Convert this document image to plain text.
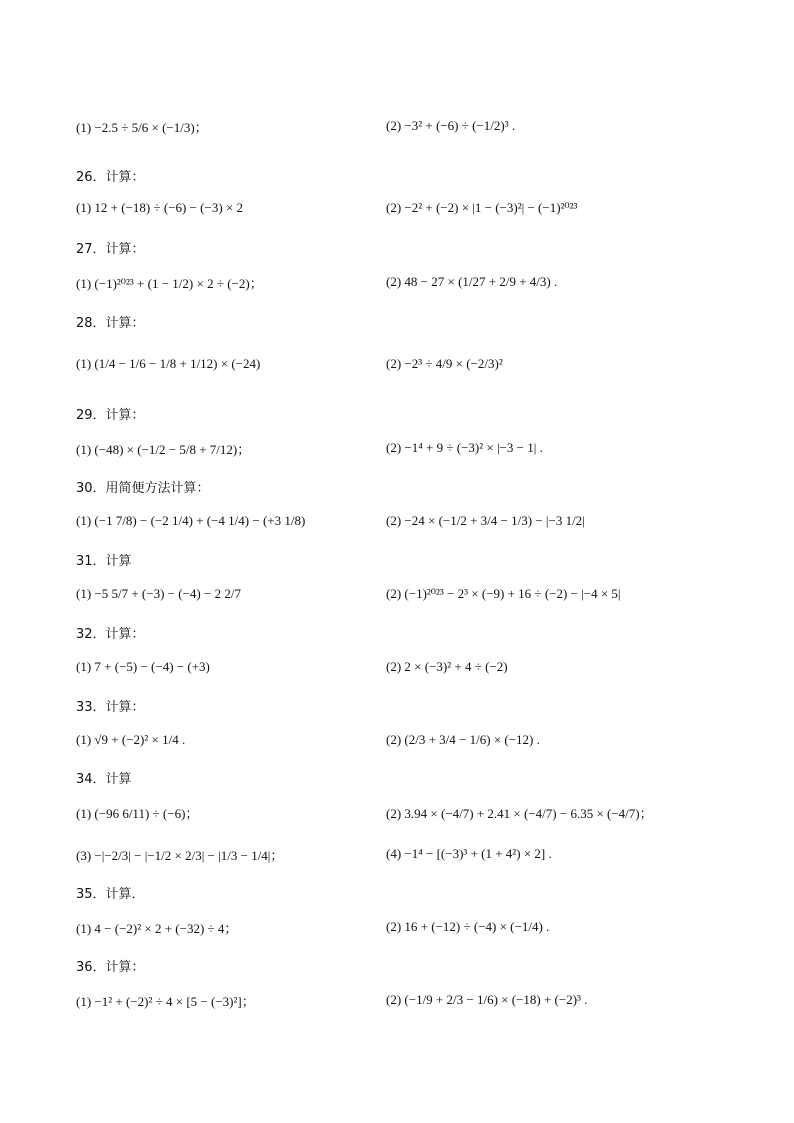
(1) −2.5 ÷ 5/6 × (−1/3)；	(2) −3² + (−6) ÷ (−1/2)³ .
26．计算：
(1) 12 + (−18) ÷ (−6) − (−3) × 2	(2) −2² + (−2) × |1 − (−3)²| − (−1)²⁰²³
27．计算：
(1) (−1)²⁰²³ + (1 − 1/2) × 2 ÷ (−2)；	(2) 48 − 27 × (1/27 + 2/9 + 4/3) .
28．计算：
(1) (1/4 − 1/6 − 1/8 + 1/12) × (−24)	(2) −2³ ÷ 4/9 × (−2/3)²
29．计算：
(1) (−48) × (−1/2 − 5/8 + 7/12)；	(2) −1⁴ + 9 ÷ (−3)² × |−3 − 1| .
30．用简便方法计算：
(1) (−1 7/8) − (−2 1/4) + (−4 1/4) − (+3 1/8)	(2) −24 × (−1/2 + 3/4 − 1/3) − |−3 1/2|
31．计算
(1) −5 5/7 + (−3) − (−4) − 2 2/7	(2) (−1)²⁰²³ − 2³ × (−9) + 16 ÷ (−2) − |−4 × 5|
32．计算：
(1) 7 + (−5) − (−4) − (+3)	(2) 2 × (−3)² + 4 ÷ (−2)
33．计算：
(1) √9 + (−2)² × 1/4 .	(2) (2/3 + 3/4 − 1/6) × (−12) .
34．计算
(1) (−96 6/11) ÷ (−6)；	(2) 3.94 × (−4/7) + 2.41 × (−4/7) − 6.35 × (−4/7)；
(3) −|−2/3| − |−1/2 × 2/3| − |1/3 − 1/4|；	(4) −1⁴ − [(−3)³ + (1 + 4²) × 2] .
35．计算．
(1) 4 − (−2)² × 2 + (−32) ÷ 4；	(2) 16 + (−12) ÷ (−4) × (−1/4) .
36．计算：
(1) −1² + (−2)² ÷ 4 × [5 − (−3)²]；	(2) (−1/9 + 2/3 − 1/6) × (−18) + (−2)³ .
